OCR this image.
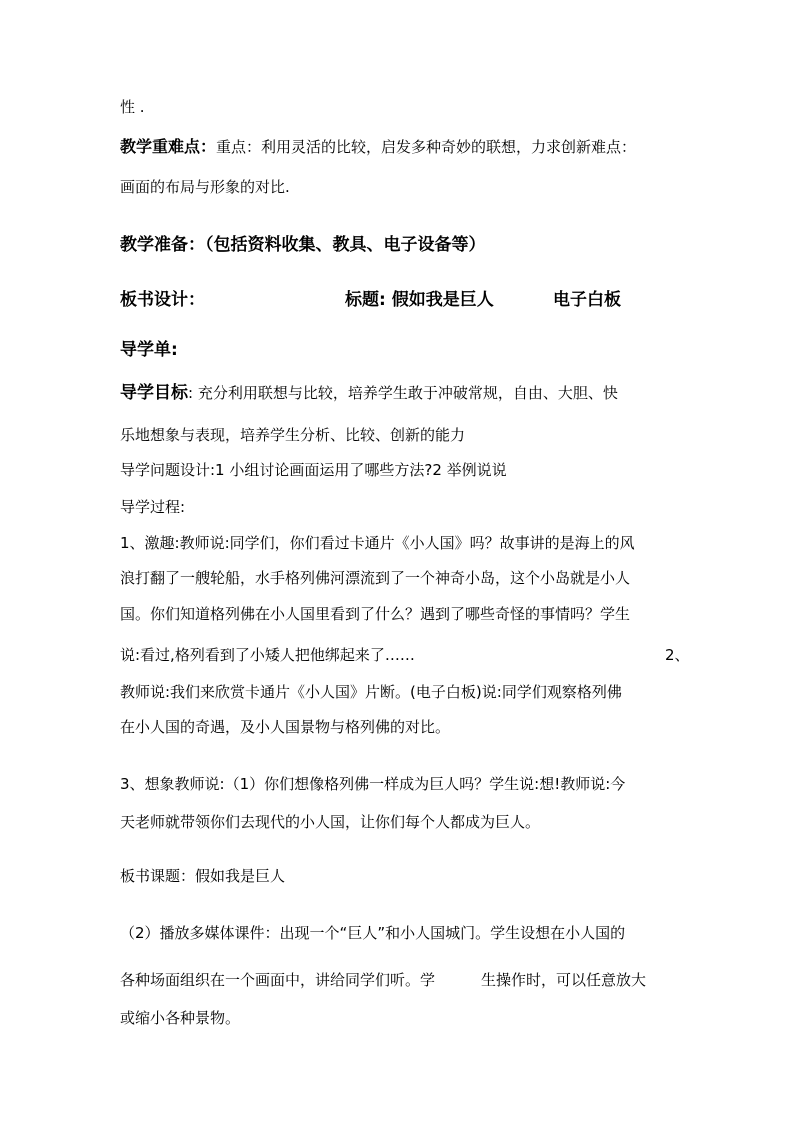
性 .
教学重难点：重点：利用灵活的比较，启发多种奇妙的联想，力求创新难点：
画面的布局与形象的对比.
教学准备：（包括资料收集、教具、电子设备等）
板书设计：	标题: 假如我是巨人	电子白板
导学单:
导学目标: 充分利用联想与比较，培养学生敢于冲破常规，自由、大胆、快
乐地想象与表现，培养学生分析、比较、创新的能力
导学问题设计:1 小组讨论画面运用了哪些方法?2 举例说说
导学过程:
1、激趣:教师说:同学们，你们看过卡通片《小人国》吗？故事讲的是海上的风
浪打翻了一艘轮船，水手格列佛河漂流到了一个神奇小岛，这个小岛就是小人
国。你们知道格列佛在小人国里看到了什么？遇到了哪些奇怪的事情吗？学生
说:看过,格列看到了小矮人把他绑起来了……	2、
教师说:我们来欣赏卡通片《小人国》片断。(电子白板)说:同学们观察格列佛
在小人国的奇遇，及小人国景物与格列佛的对比。
3、想象教师说:（1）你们想像格列佛一样成为巨人吗？学生说:想!教师说:今
天老师就带领你们去现代的小人国，让你们每个人都成为巨人。
板书课题：假如我是巨人
（2）播放多媒体课件：出现一个“巨人”和小人国城门。学生设想在小人国的
各种场面组织在一个画面中，讲给同学们听。学	生操作时，可以任意放大
或缩小各种景物。
